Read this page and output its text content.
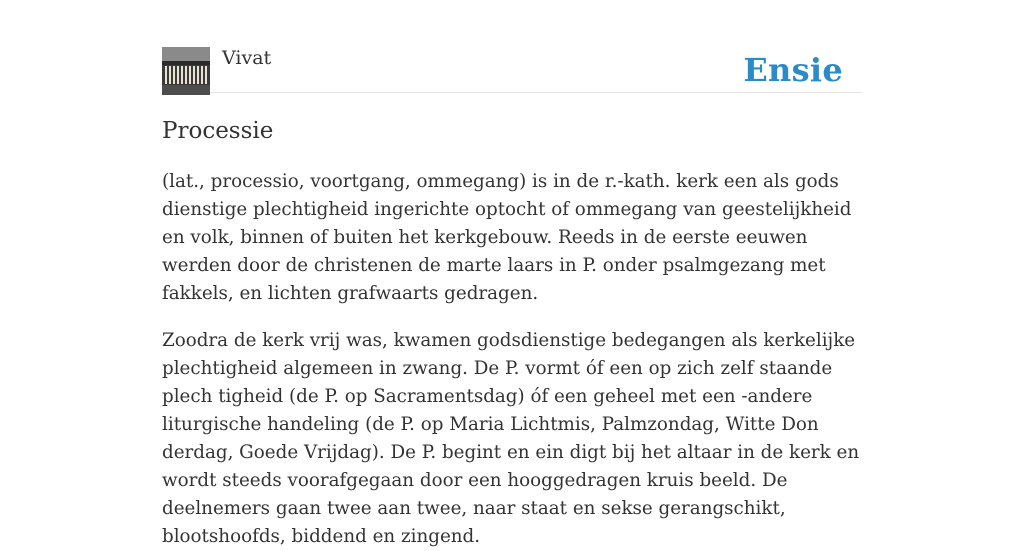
Vivat	Ensie
Processie

(lat., processio, voortgang, ommegang) is in de r.-kath. kerk een als gods dienstige plechtigheid ingerichte optocht of ommegang van geestelijkheid en volk, binnen of buiten het kerkgebouw. Reeds in de eerste eeuwen werden door de christenen de marte laars in P. onder psalmgezang met fakkels, en lichten grafwaarts gedragen.

Zoodra de kerk vrij was, kwamen godsdienstige bedegangen als kerkelijke plechtigheid algemeen in zwang. De P. vormt óf een op zich zelf staande plech tigheid (de P. op Sacramentsdag) óf een geheel met een -andere liturgische handeling (de P. op Maria Lichtmis, Palmzondag, Witte Don derdag, Goede Vrijdag). De P. begint en ein digt bij het altaar in de kerk en wordt steeds voorafgegaan door een hooggedragen kruis beeld. De deelnemers gaan twee aan twee, naar staat en sekse gerangschikt, blootshoofds, biddend en zingend.
